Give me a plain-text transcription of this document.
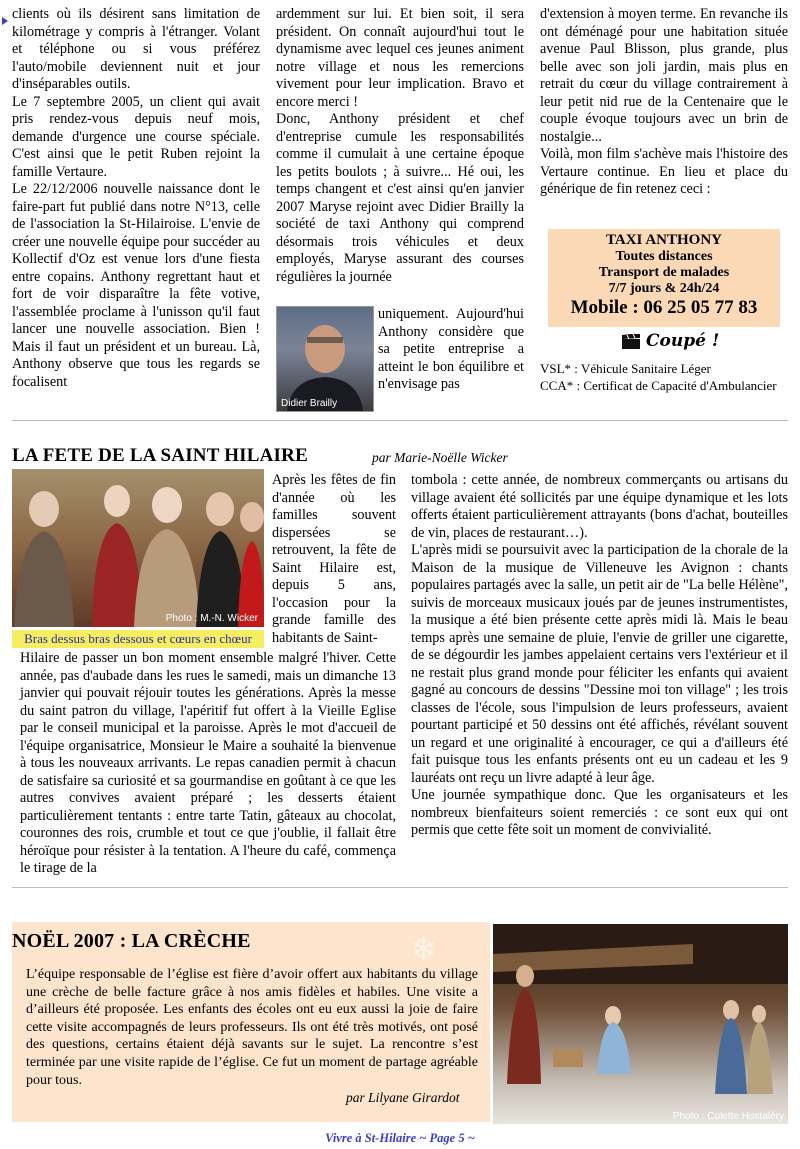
clients où ils désirent sans limitation de kilométrage y compris à l'étranger. Volant et téléphone ou si vous préférez l'auto/mobile deviennent nuit et jour d'inséparables outils.

Le 7 septembre 2005, un client qui avait pris rendez-vous depuis neuf mois, demande d'urgence une course spéciale. C'est ainsi que le petit Ruben rejoint la famille Vertaure.

Le 22/12/2006 nouvelle naissance dont le faire-part fut publié dans notre N°13, celle de l'association la St-Hilairoise. L'envie de créer une nouvelle équipe pour succéder au Kollectif d'Oz est venue lors d'une fiesta entre copains. Anthony regrettant haut et fort de voir disparaître la fête votive, l'assemblée proclame à l'unisson qu'il faut lancer une nouvelle association. Bien ! Mais il faut un président et un bureau. Là, Anthony observe que tous les regards se focalisent

ardemment sur lui. Et bien soit, il sera président. On connaît aujourd'hui tout le dynamisme avec lequel ces jeunes animent notre village et nous les remercions vivement pour leur implication. Bravo et encore merci !

Donc, Anthony président et chef d'entreprise cumule les responsabilités comme il cumulait à une certaine époque les petits boulots ; à suivre... Hé oui, les temps changent et c'est ainsi qu'en janvier 2007 Maryse rejoint avec Didier Brailly la société de taxi Anthony qui comprend désormais trois véhicules et deux employés, Maryse assurant des courses régulières la journée

Didier Brailly

uniquement. Aujourd'hui Anthony considère que sa petite entreprise a atteint le bon équilibre et n'envisage pas

d'extension à moyen terme. En revanche ils ont déménagé pour une habitation située avenue Paul Blisson, plus grande, plus belle avec son joli jardin, mais plus en retrait du cœur du village contrairement à leur petit nid rue de la Centenaire que le couple évoque toujours avec un brin de nostalgie...

Voilà, mon film s'achève mais l'histoire des Vertaure continue. En lieu et place du générique de fin retenez ceci :

TAXI ANTHONY
Toutes distances
Transport de malades
7/7 jours & 24h/24
Mobile : 06 25 05 77 83
Coupé !
VSL* : Véhicule Sanitaire Léger
CCA* : Certificat de Capacité d'Ambulancier
LA FETE DE LA SAINT HILAIRE	par Marie-Noëlle Wicker
Photo : M.-N. Wicker
Bras dessus bras dessous et cœurs en chœur

Après les fêtes de fin d'année où les familles souvent dispersées se retrouvent, la fête de Saint Hilaire est, depuis 5 ans, l'occasion pour la grande famille des habitants de Saint-

Hilaire de passer un bon moment ensemble malgré l'hiver. Cette année, pas d'aubade dans les rues le samedi, mais un dimanche 13 janvier qui pouvait réjouir toutes les générations. Après la messe du saint patron du village, l'apéritif fut offert à la Vieille Eglise par le conseil municipal et la paroisse. Après le mot d'accueil de l'équipe organisatrice, Monsieur le Maire a souhaité la bienvenue à tous les nouveaux arrivants. Le repas canadien permit à chacun de satisfaire sa curiosité et sa gourmandise en goûtant à ce que les autres convives avaient préparé ; les desserts étaient particulièrement tentants : entre tarte Tatin, gâteaux au chocolat, couronnes des rois, crumble et tout ce que j'oublie, il fallait être héroïque pour résister à la tentation. A l'heure du café, commença le tirage de la

tombola : cette année, de nombreux commerçants ou artisans du village avaient été sollicités par une équipe dynamique et les lots offerts étaient particulièrement attrayants (bons d'achat, bouteilles de vin, places de restaurant…).

L'après midi se poursuivit avec la participation de la chorale de la Maison de la musique de Villeneuve les Avignon : chants populaires partagés avec la salle, un petit air de "La belle Hélène", suivis de morceaux musicaux joués par de jeunes instrumentistes, la musique a été bien présente cette après midi là. Mais le beau temps après une semaine de pluie, l'envie de griller une cigarette, de se dégourdir les jambes appelaient certains vers l'extérieur et il ne restait plus grand monde pour féliciter les enfants qui avaient gagné au concours de dessins "Dessine moi ton village" ; les trois classes de l'école, sous l'impulsion de leurs professeurs, avaient pourtant participé et 50 dessins ont été affichés, révélant souvent un regard et une originalité à encourager, ce qui a d'ailleurs été fait puisque tous les enfants présents ont eu un cadeau et les 9 lauréats ont reçu un livre adapté à leur âge.

Une journée sympathique donc. Que les organisateurs et les nombreux bienfaiteurs soient remerciés : ce sont eux qui ont permis que cette fête soit un moment de convivialité.

❄
NOËL 2007 : LA CRÈCHE

L’équipe responsable de l’église est fière d’avoir offert aux habitants du village une crèche de belle facture grâce à nos amis fidèles et habiles. Une visite a d’ailleurs été proposée. Les enfants des écoles ont eu eux aussi la joie de faire cette visite accompagnés de leurs professeurs. Ils ont été très motivés, ont posé des questions, certains étaient déjà savants sur le sujet. La rencontre s’est terminée par une visite rapide de l’église. Ce fut un moment de partage agréable pour tous.

par Lilyane Girardot
Photo : Colette Hostaléry
Vivre à St-Hilaire ~ Page 5 ~
